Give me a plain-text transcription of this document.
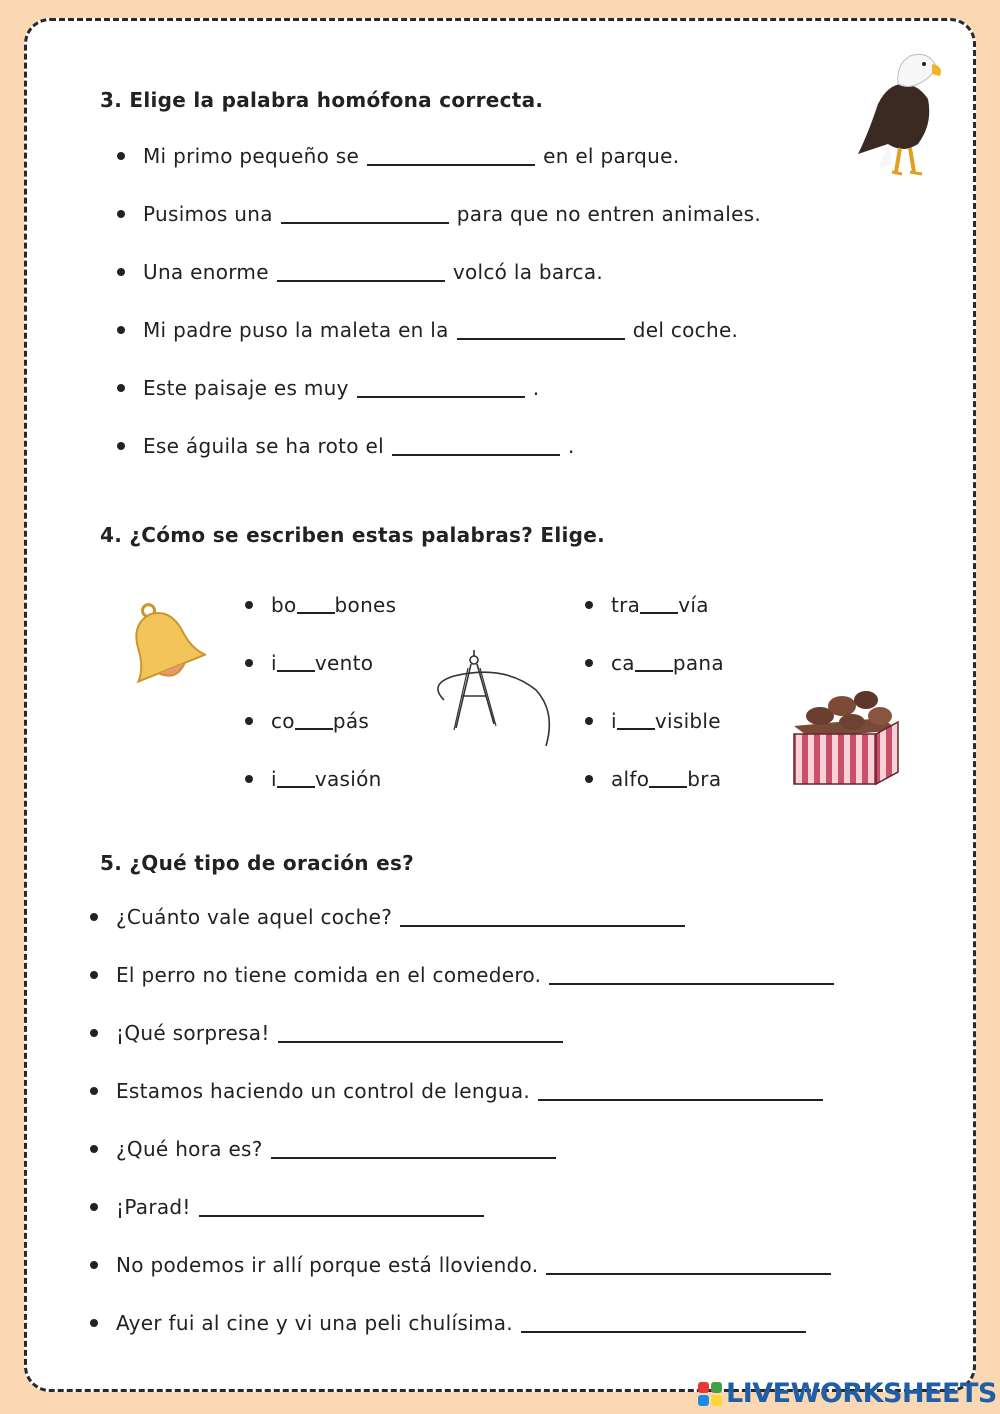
3. Elige la palabra homófona correcta.
Mi primo pequeño se	en el parque.
Pusimos una	para que no entren animales.
Una enorme	volcó la barca.
Mi padre puso la maleta en la	del coche.
Este paisaje es muy	.
Ese águila se ha roto el	.
4. ¿Cómo se escriben estas palabras? Elige.
bo bones
i vento
co pás
i vasión
tra vía
ca pana
i visible
alfo bra
5. ¿Qué tipo de oración es?
¿Cuánto vale aquel coche?
El perro no tiene comida en el comedero.
¡Qué sorpresa!
Estamos haciendo un control de lengua.
¿Qué hora es?
¡Parad!
No podemos ir allí porque está lloviendo.
Ayer fui al cine y vi una peli chulísima.
LIVEWORKSHEETS
